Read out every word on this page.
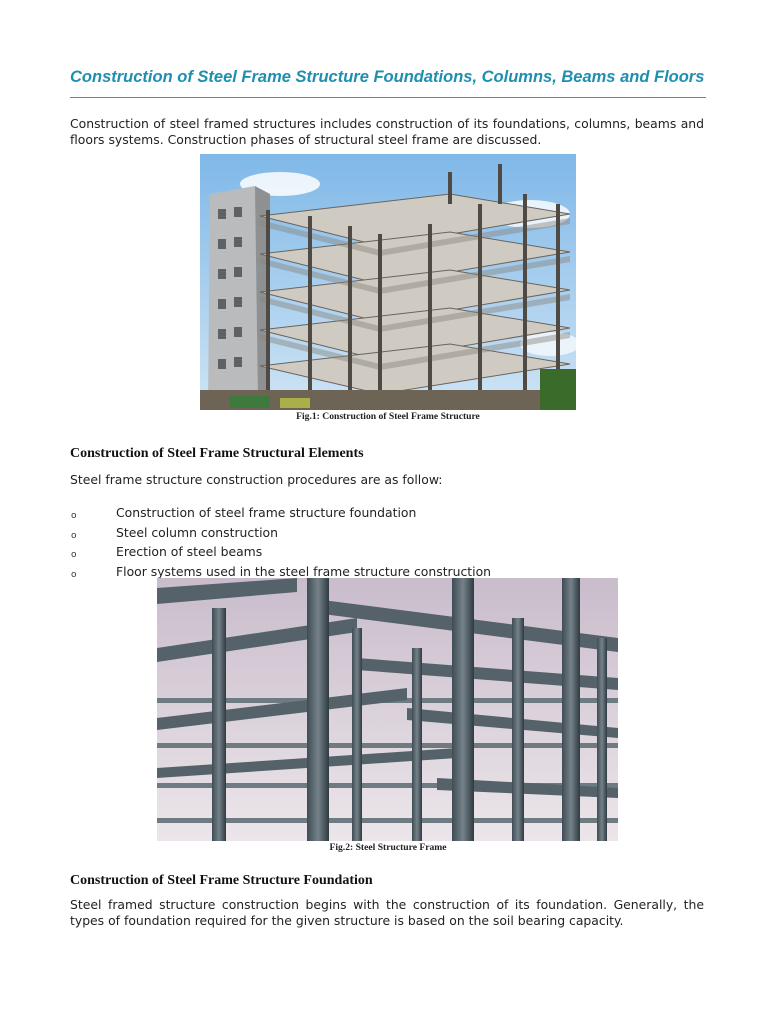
Construction of Steel Frame Structure Foundations, Columns, Beams and Floors

Construction of steel framed structures includes construction of its foundations, columns, beams and floors systems. Construction phases of structural steel frame are discussed.

Fig.1: Construction of Steel Frame Structure
Construction of Steel Frame Structural Elements

Steel frame structure construction procedures are as follow:

o	Construction of steel frame structure foundation
o	Steel column construction
o	Erection of steel beams
o	Floor systems used in the steel frame structure construction
Fig.2: Steel Structure Frame
Construction of Steel Frame Structure Foundation

Steel framed structure construction begins with the construction of its foundation. Generally, the types of foundation required for the given structure is based on the soil bearing capacity.
